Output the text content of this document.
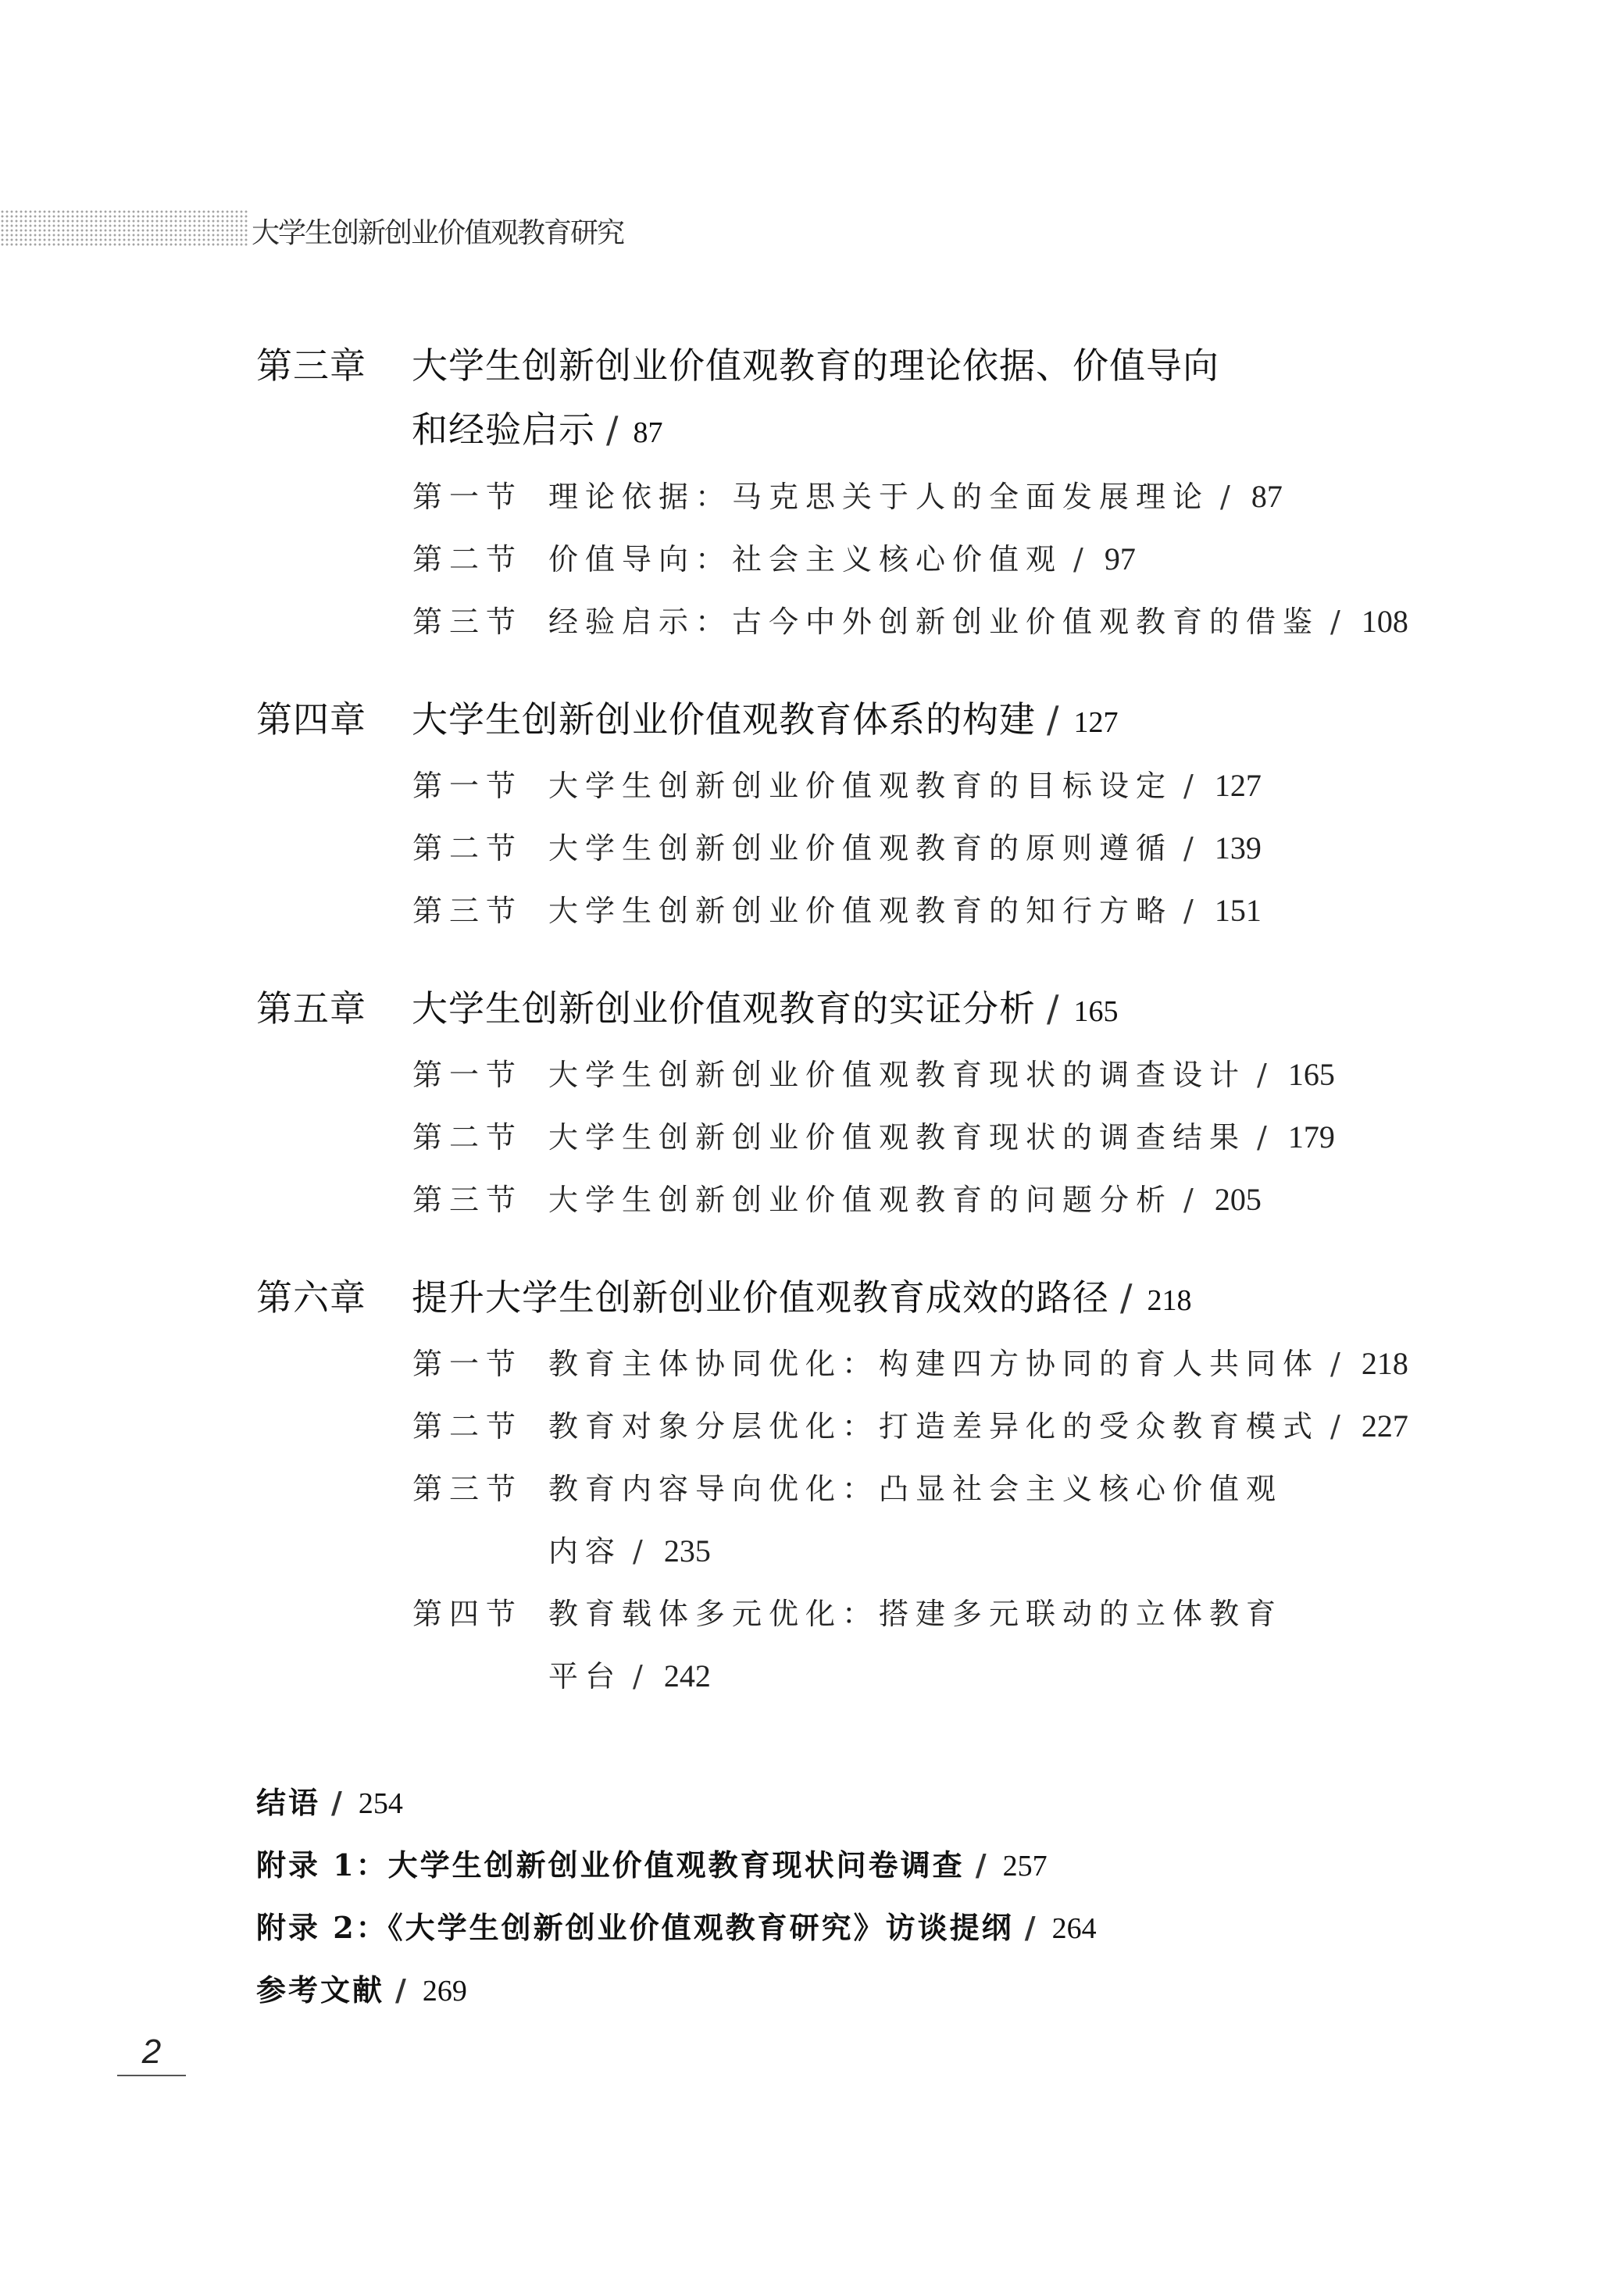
大学生创新创业价值观教育研究
第三章 大学生创新创业价值观教育的理论依据、价值导向
和经验启示 / 87
第一节 理论依据：马克思关于人的全面发展理论 / 87
第二节 价值导向：社会主义核心价值观 / 97
第三节 经验启示：古今中外创新创业价值观教育的借鉴 / 108
第四章 大学生创新创业价值观教育体系的构建 / 127
第一节 大学生创新创业价值观教育的目标设定 / 127
第二节 大学生创新创业价值观教育的原则遵循 / 139
第三节 大学生创新创业价值观教育的知行方略 / 151
第五章 大学生创新创业价值观教育的实证分析 / 165
第一节 大学生创新创业价值观教育现状的调查设计 / 165
第二节 大学生创新创业价值观教育现状的调查结果 / 179
第三节 大学生创新创业价值观教育的问题分析 / 205
第六章 提升大学生创新创业价值观教育成效的路径 / 218
第一节 教育主体协同优化：构建四方协同的育人共同体 / 218
第二节 教育对象分层优化：打造差异化的受众教育模式 / 227
第三节 教育内容导向优化：凸显社会主义核心价值观
内容 / 235
第四节 教育载体多元优化：搭建多元联动的立体教育
平台 / 242
结语 / 254
附录 1：大学生创新创业价值观教育现状问卷调查 / 257
附录 2：《大学生创新创业价值观教育研究》访谈提纲 / 264
参考文献 / 269
2
